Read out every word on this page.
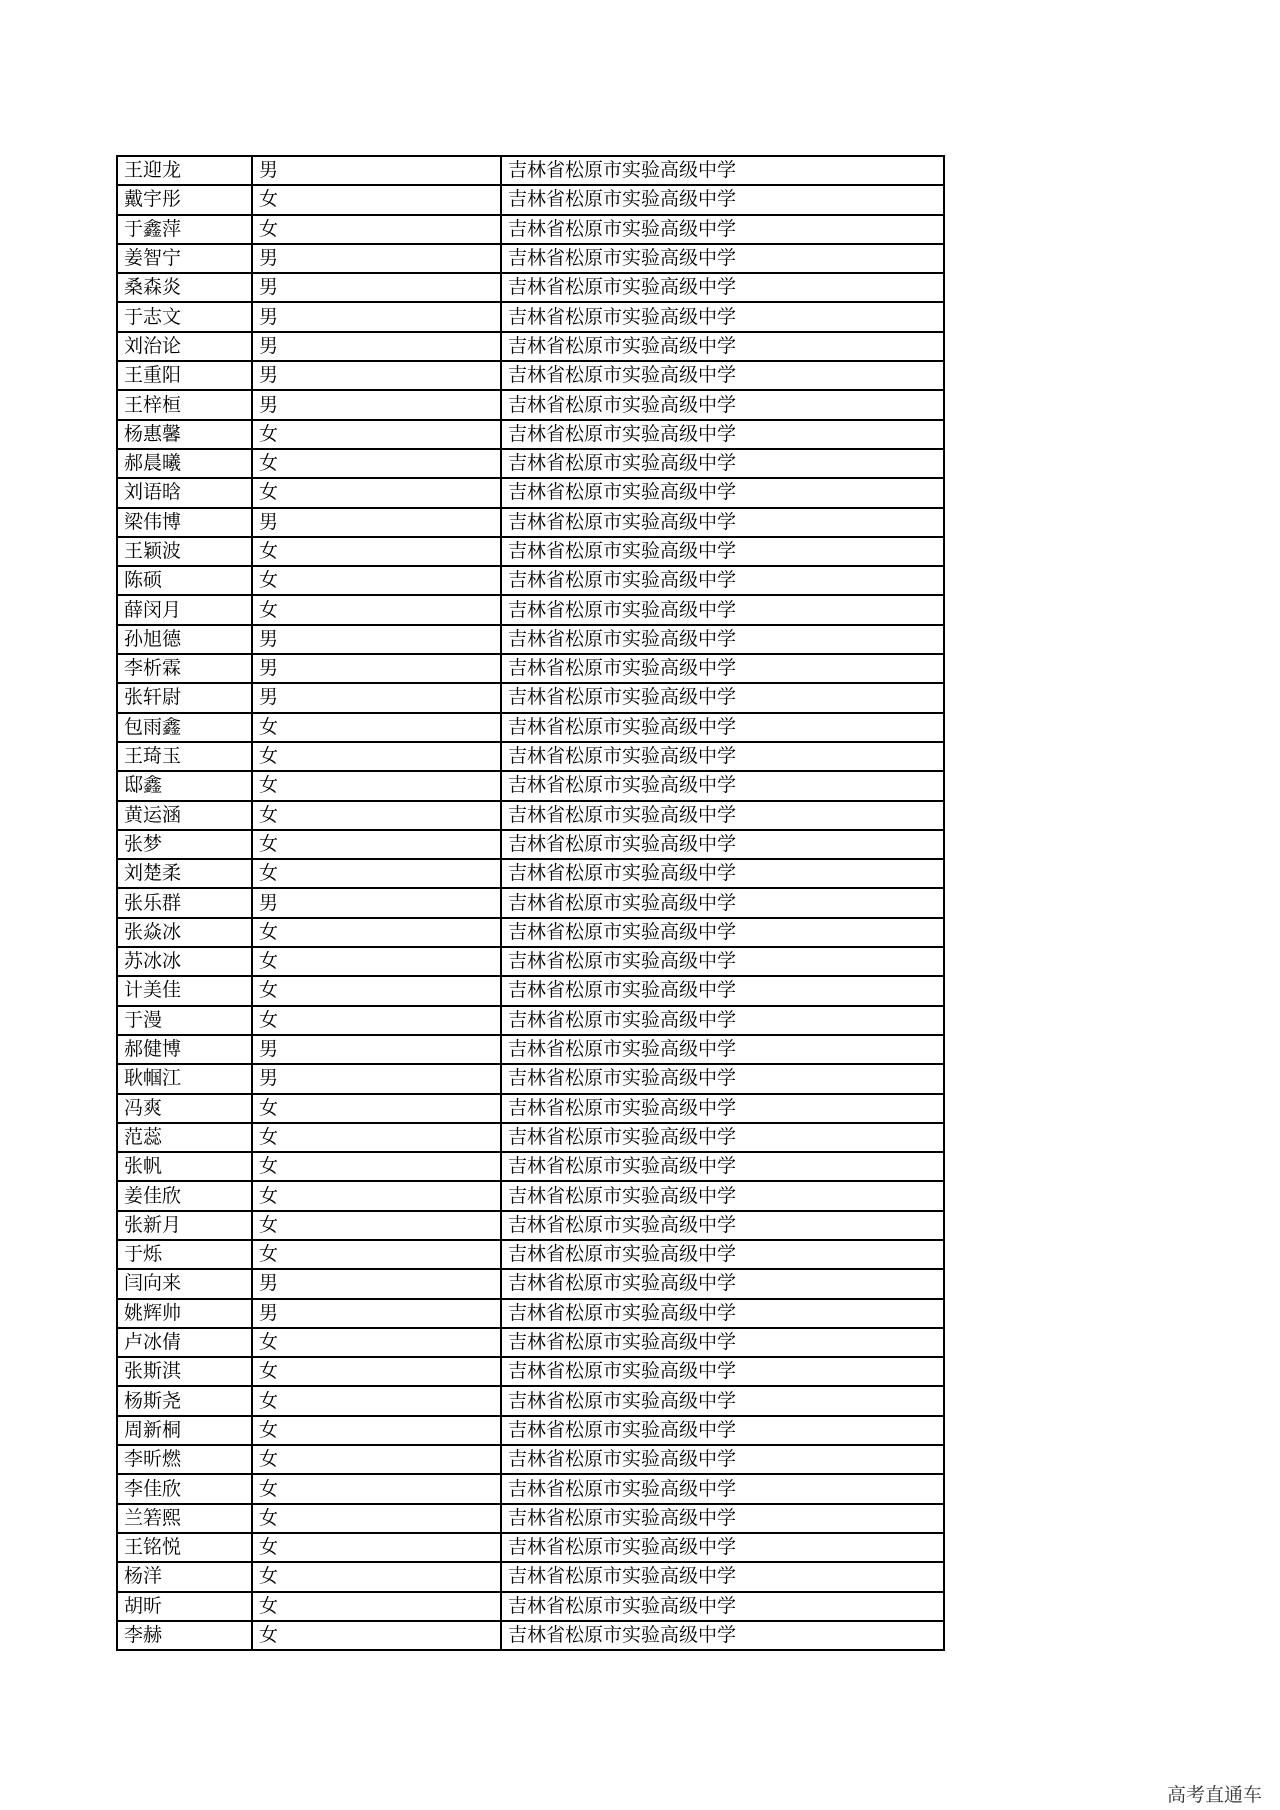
王迎龙	男	吉林省松原市实验高级中学
戴宇彤	女	吉林省松原市实验高级中学
于鑫萍	女	吉林省松原市实验高级中学
姜智宁	男	吉林省松原市实验高级中学
桑森炎	男	吉林省松原市实验高级中学
于志文	男	吉林省松原市实验高级中学
刘治论	男	吉林省松原市实验高级中学
王重阳	男	吉林省松原市实验高级中学
王梓桓	男	吉林省松原市实验高级中学
杨惠馨	女	吉林省松原市实验高级中学
郝晨曦	女	吉林省松原市实验高级中学
刘语晗	女	吉林省松原市实验高级中学
梁伟博	男	吉林省松原市实验高级中学
王颖波	女	吉林省松原市实验高级中学
陈硕	女	吉林省松原市实验高级中学
薛闵月	女	吉林省松原市实验高级中学
孙旭德	男	吉林省松原市实验高级中学
李析霖	男	吉林省松原市实验高级中学
张轩尉	男	吉林省松原市实验高级中学
包雨鑫	女	吉林省松原市实验高级中学
王琦玉	女	吉林省松原市实验高级中学
邸鑫	女	吉林省松原市实验高级中学
黄运涵	女	吉林省松原市实验高级中学
张梦	女	吉林省松原市实验高级中学
刘楚柔	女	吉林省松原市实验高级中学
张乐群	男	吉林省松原市实验高级中学
张焱冰	女	吉林省松原市实验高级中学
苏冰冰	女	吉林省松原市实验高级中学
计美佳	女	吉林省松原市实验高级中学
于漫	女	吉林省松原市实验高级中学
郝健博	男	吉林省松原市实验高级中学
耿帼江	男	吉林省松原市实验高级中学
冯爽	女	吉林省松原市实验高级中学
范蕊	女	吉林省松原市实验高级中学
张帆	女	吉林省松原市实验高级中学
姜佳欣	女	吉林省松原市实验高级中学
张新月	女	吉林省松原市实验高级中学
于烁	女	吉林省松原市实验高级中学
闫向来	男	吉林省松原市实验高级中学
姚辉帅	男	吉林省松原市实验高级中学
卢冰倩	女	吉林省松原市实验高级中学
张斯淇	女	吉林省松原市实验高级中学
杨斯尧	女	吉林省松原市实验高级中学
周新桐	女	吉林省松原市实验高级中学
李昕燃	女	吉林省松原市实验高级中学
李佳欣	女	吉林省松原市实验高级中学
兰箬熙	女	吉林省松原市实验高级中学
王铭悦	女	吉林省松原市实验高级中学
杨洋	女	吉林省松原市实验高级中学
胡昕	女	吉林省松原市实验高级中学
李赫	女	吉林省松原市实验高级中学
高考直通车
